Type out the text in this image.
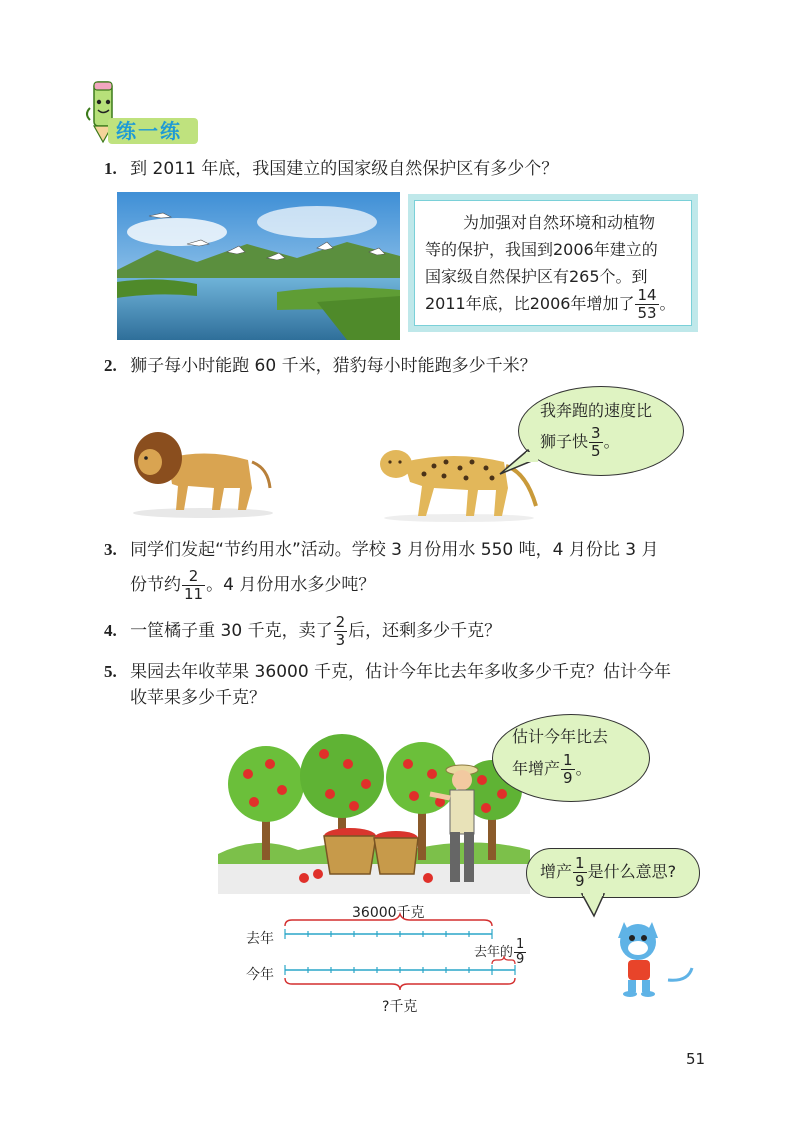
练一练
1. 到 2011 年底，我国建立的国家级自然保护区有多少个？
为加强对自然环境和动植物
等的保护，我国到2006年建立的
国家级自然保护区有265个。到
2011年底，比2006年增加了 $\frac{14}{53}$ 。
2. 狮子每小时能跑 60 千米，猎豹每小时能跑多少千米？
我奔跑的速度比
狮子快 $\frac{3}{5}$ 。
3. 同学们发起“节约用水”活动。学校 3 月份用水 550 吨，4 月份比 3 月
份节约 $\frac{2}{11}$ 。4 月份用水多少吨？
4. 一筐橘子重 30 千克，卖了 $\frac{2}{3}$ 后，还剩多少千克？
5. 果园去年收苹果 36000 千克，估计今年比去年多收多少千克？估计今年
收苹果多少千克？
估计今年比去
年增产 $\frac{1}{9}$ 。
增产 $\frac{1}{9}$ 是什么意思?
36000千克
去年
今年
去年的 $\frac{1}{9}$
?千克
51
